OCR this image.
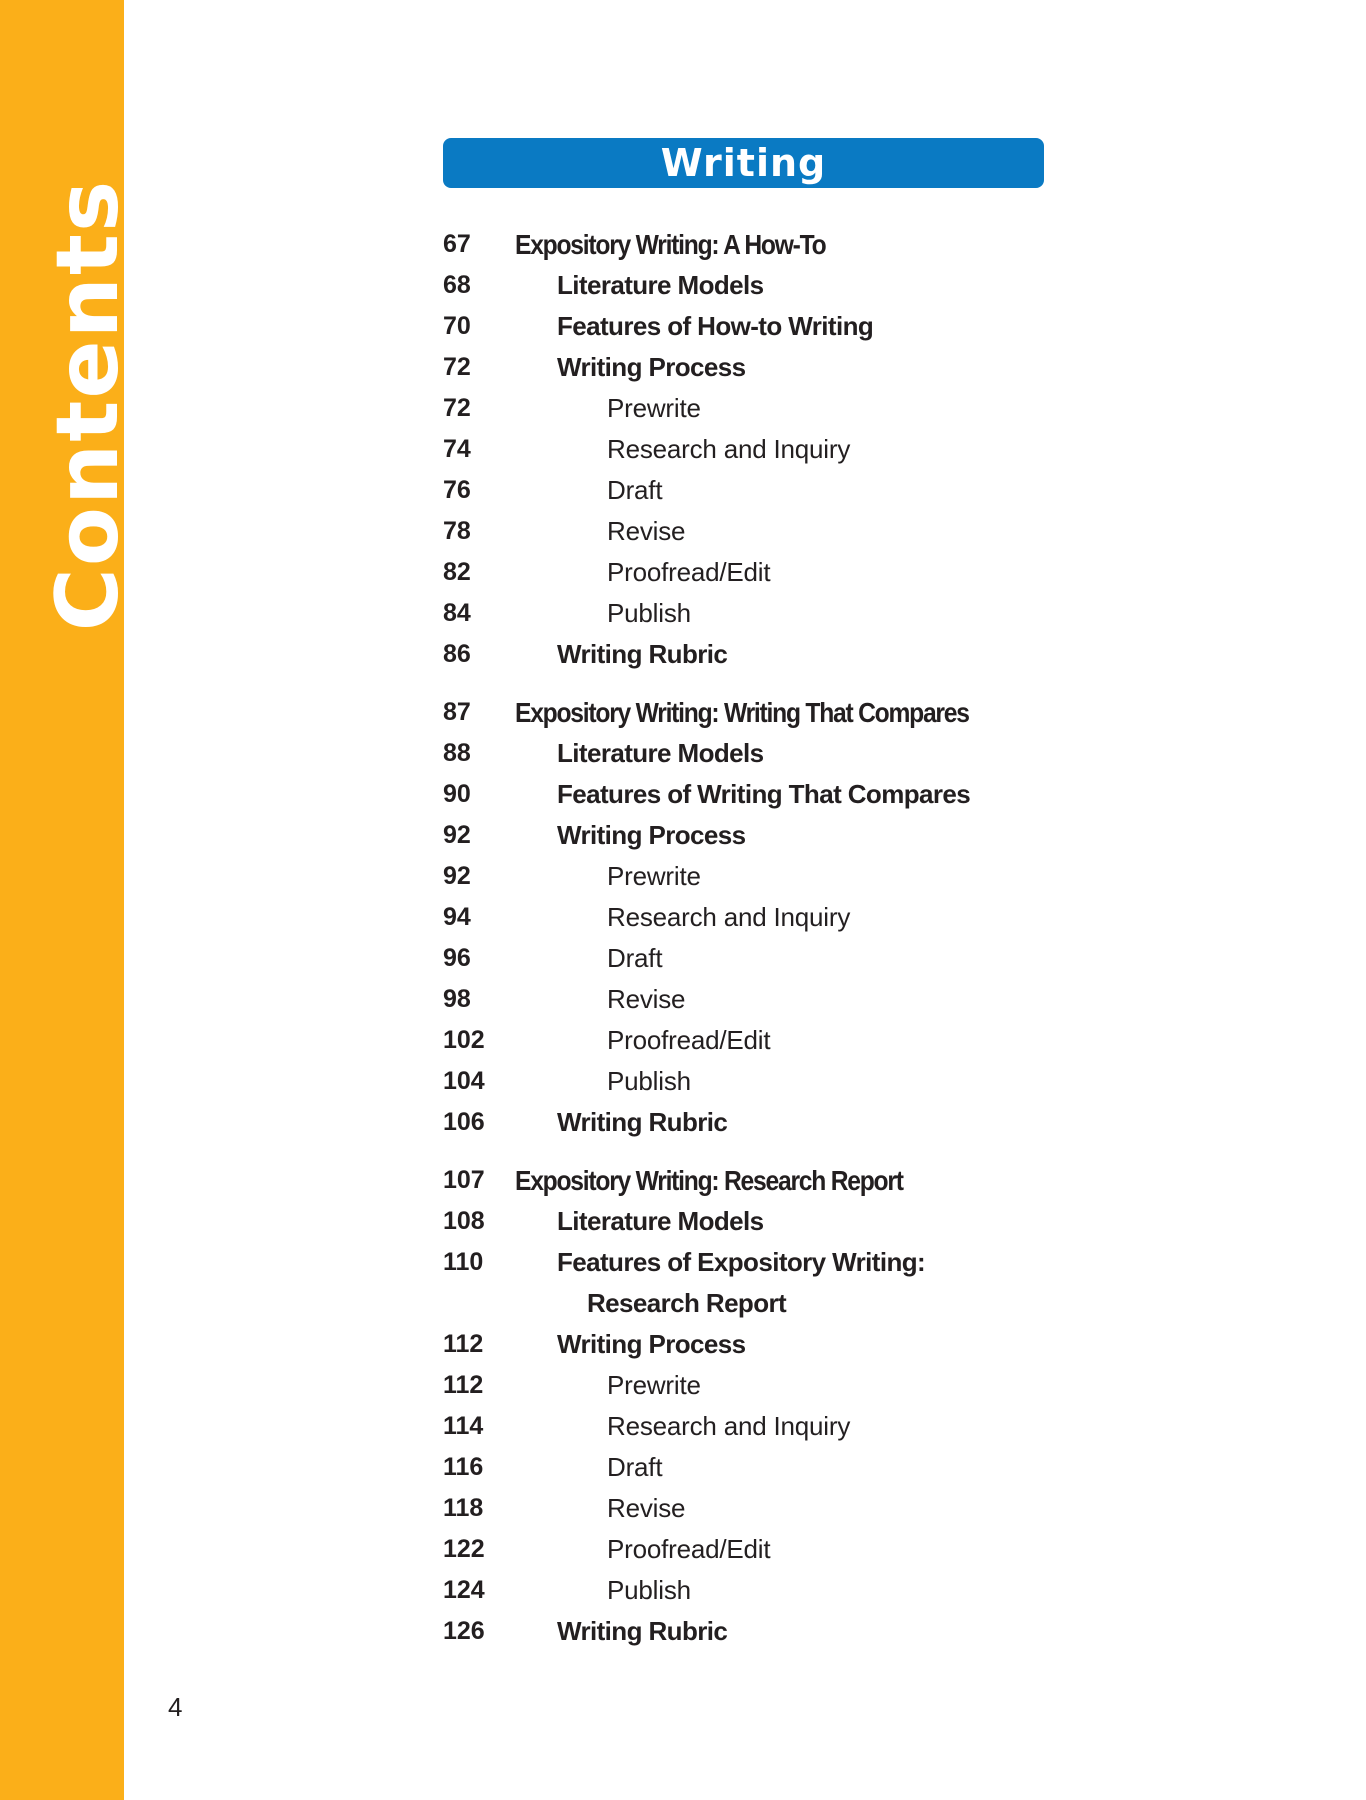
Contents
Writing
67 Expository Writing: A How-To
68	Literature Models
70	Features of How-to Writing
72	Writing Process
72	Prewrite
74	Research and Inquiry
76	Draft
78	Revise
82	Proofread/Edit
84	Publish
86	Writing Rubric
87 Expository Writing: Writing That Compares
88	Literature Models
90	Features of Writing That Compares
92	Writing Process
92	Prewrite
94	Research and Inquiry
96	Draft
98	Revise
102	Proofread/Edit
104	Publish
106	Writing Rubric
107 Expository Writing: Research Report
108	Literature Models
110	Features of Expository Writing:
Research Report
112	Writing Process
112	Prewrite
114	Research and Inquiry
116	Draft
118	Revise
122	Proofread/Edit
124	Publish
126	Writing Rubric
4
